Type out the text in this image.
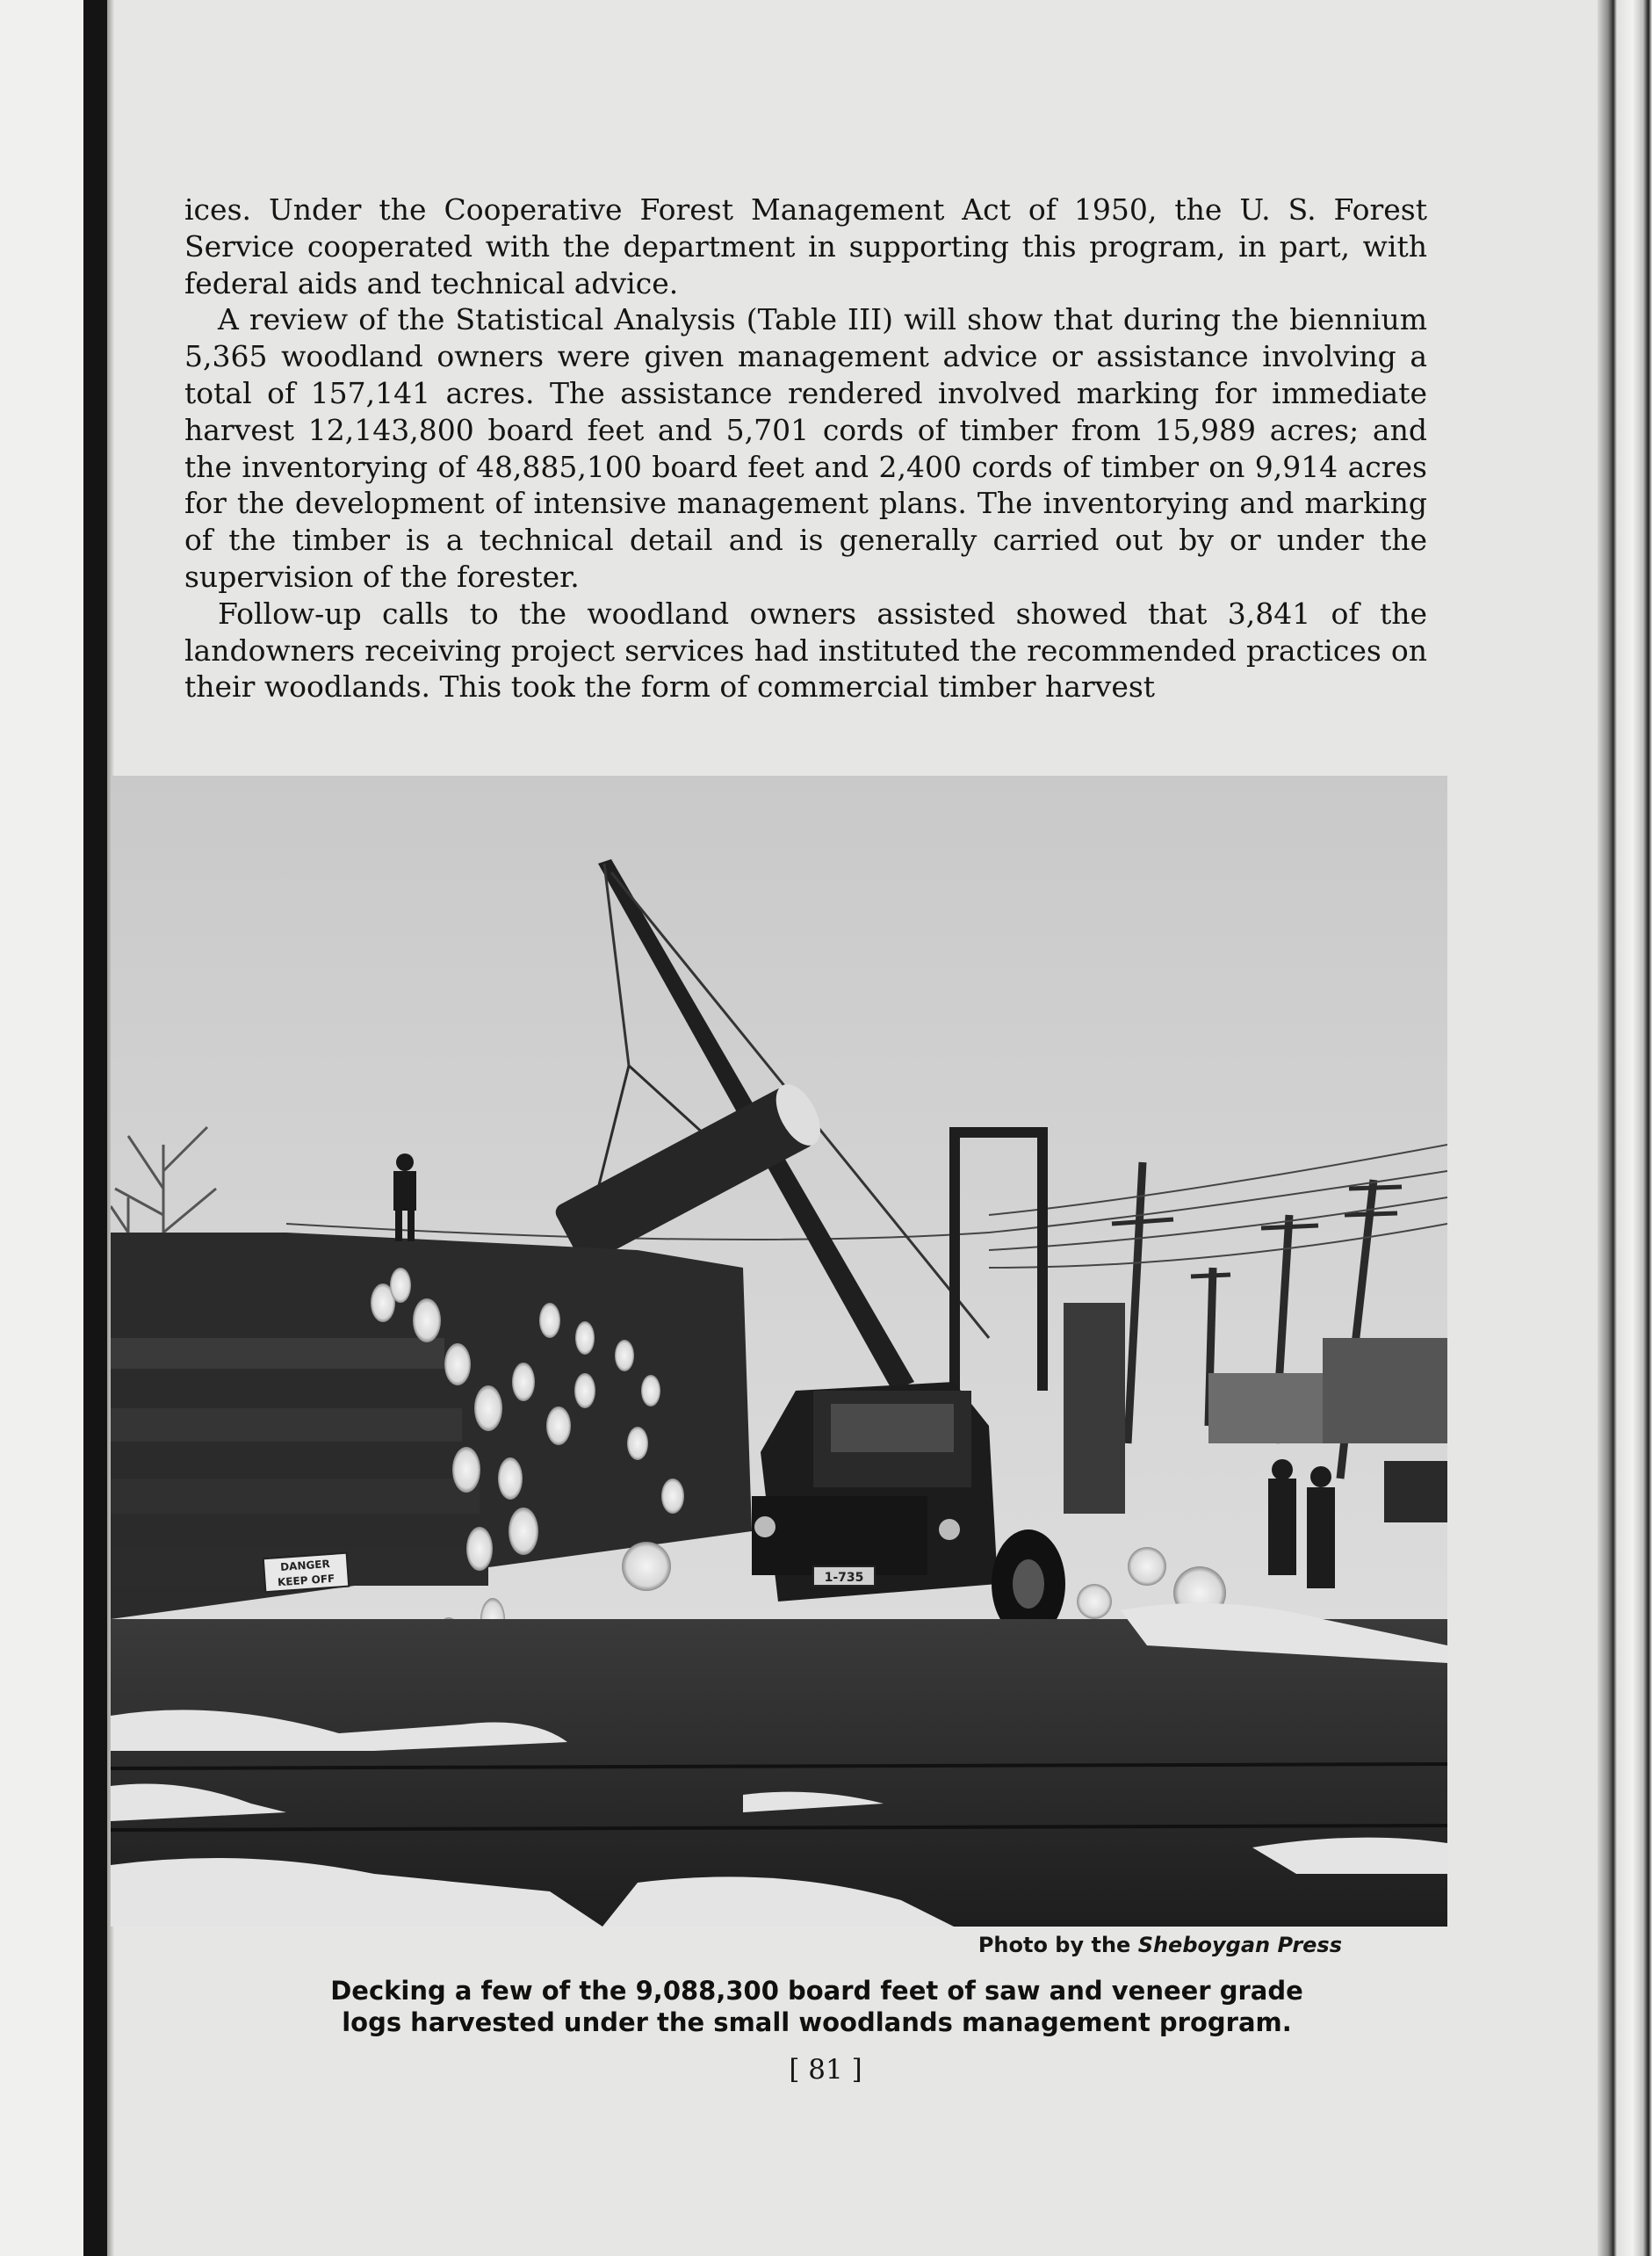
ices. Under the Cooperative Forest Management Act of 1950, the U. S. Forest Service cooperated with the department in supporting this program, in part, with federal aids and technical advice.

A review of the Statistical Analysis (Table III) will show that during the biennium 5,365 woodland owners were given management advice or assistance involving a total of 157,141 acres. The assistance rendered involved marking for immediate harvest 12,143,800 board feet and 5,701 cords of timber from 15,989 acres; and the inventorying of 48,885,100 board feet and 2,400 cords of timber on 9,914 acres for the development of intensive management plans. The inventorying and marking of the timber is a technical detail and is generally carried out by or under the supervision of the forester.

Follow-up calls to the woodland owners assisted showed that 3,841 of the landowners receiving project services had instituted the recommended practices on their woodlands. This took the form of commercial timber harvest

DANGER
KEEP OFF	1-735
Photo by the Sheboygan Press
Decking a few of the 9,088,300 board feet of saw and veneer grade
logs harvested under the small woodlands management program.
[ 81 ]
